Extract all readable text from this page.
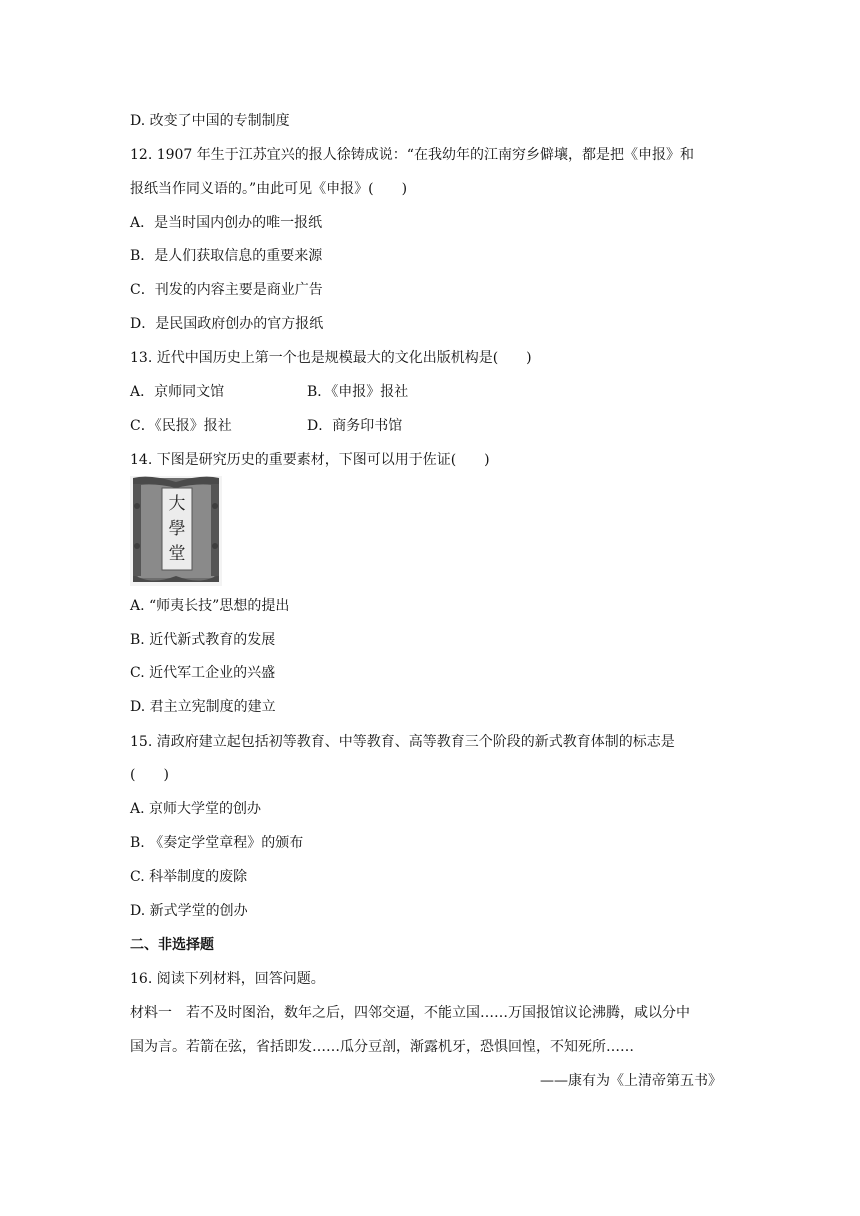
D. 改变了中国的专制制度
12. 1907 年生于江苏宜兴的报人徐铸成说：“在我幼年的江南穷乡僻壤，都是把《申报》和
报纸当作同义语的。”由此可见《申报》(　　)
A．是当时国内创办的唯一报纸
B．是人们获取信息的重要来源
C．刊发的内容主要是商业广告
D．是民国政府创办的官方报纸
13. 近代中国历史上第一个也是规模最大的文化出版机构是(　　)
A．京师同文馆	B．《申报》报社
C．《民报》报社	D．商务印书馆
14. 下图是研究历史的重要素材，下图可以用于佐证(　　)
大
學
堂
A. “师夷长技”思想的提出
B. 近代新式教育的发展
C. 近代军工企业的兴盛
D. 君主立宪制度的建立
15. 清政府建立起包括初等教育、中等教育、高等教育三个阶段的新式教育体制的标志是
(　　)
A. 京师大学堂的创办
B. 《奏定学堂章程》的颁布
C. 科举制度的废除
D. 新式学堂的创办
二、非选择题
16. 阅读下列材料，回答问题。
材料一　若不及时图治，数年之后，四邻交逼，不能立国……万国报馆议论沸腾，咸以分中
国为言。若箭在弦，省括即发……瓜分豆剖，渐露机牙，恐惧回惶，不知死所……
——康有为《上清帝第五书》
